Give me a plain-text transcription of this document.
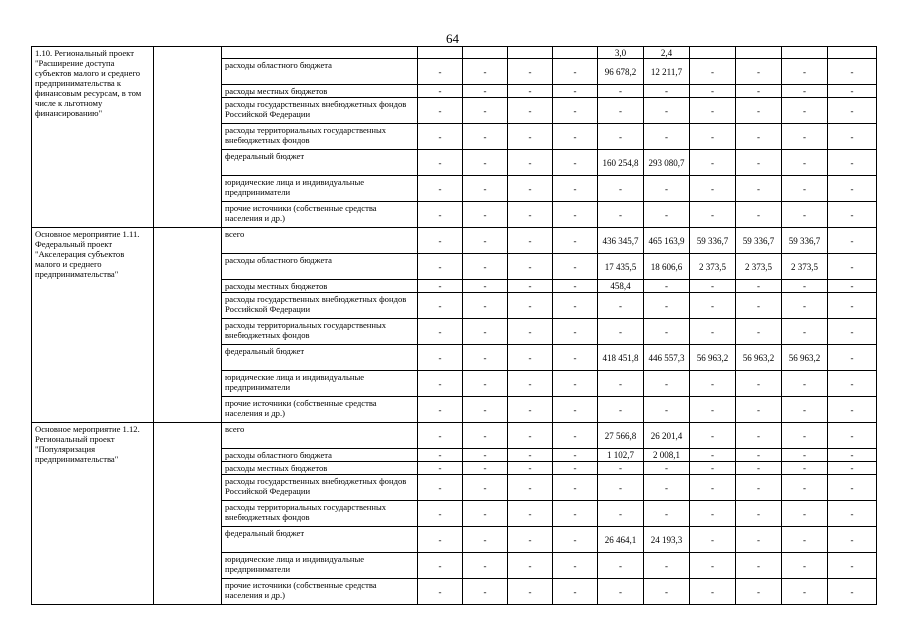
64
1.10. Региональный проект "Расширение доступа субъектов малого и среднего предпринимательства к финансовым ресурсам, в том числе к льготному финансированию"							3,0	2,4				
		расходы областного бюджета	-	-	-	-	96 678,2	12 211,7	-	-	-	-
		расходы местных бюджетов	-	-	-	-	-	-	-	-	-	-
		расходы государственных внебюджетных фондов Российской Федерации	-	-	-	-	-	-	-	-	-	-
		расходы территориальных государственных внебюджетных фондов	-	-	-	-	-	-	-	-	-	-
		федеральный бюджет	-	-	-	-	160 254,8	293 080,7	-	-	-	-
		юридические лица и индивидуальные предприниматели	-	-	-	-	-	-	-	-	-	-
		прочие источники (собственные средства населения и др.)	-	-	-	-	-	-	-	-	-	-
Основное мероприятие 1.11. Федеральный проект "Акселерация субъектов малого и среднего предпринимательства"		всего	-	-	-	-	436 345,7	465 163,9	59 336,7	59 336,7	59 336,7	-
		расходы областного бюджета	-	-	-	-	17 435,5	18 606,6	2 373,5	2 373,5	2 373,5	-
		расходы местных бюджетов	-	-	-	-	458,4	-	-	-	-	-
		расходы государственных внебюджетных фондов Российской Федерации	-	-	-	-	-	-	-	-	-	-
		расходы территориальных государственных внебюджетных фондов	-	-	-	-	-	-	-	-	-	-
		федеральный бюджет	-	-	-	-	418 451,8	446 557,3	56 963,2	56 963,2	56 963,2	-
		юридические лица и индивидуальные предприниматели	-	-	-	-	-	-	-	-	-	-
		прочие источники (собственные средства населения и др.)	-	-	-	-	-	-	-	-	-	-
Основное мероприятие 1.12. Региональный проект "Популяризация предпринимательства"		всего	-	-	-	-	27 566,8	26 201,4	-	-	-	-
		расходы областного бюджета	-	-	-	-	1 102,7	2 008,1	-	-	-	-
		расходы местных бюджетов	-	-	-	-	-	-	-	-	-	-
		расходы государственных внебюджетных фондов Российской Федерации	-	-	-	-	-	-	-	-	-	-
		расходы территориальных государственных внебюджетных фондов	-	-	-	-	-	-	-	-	-	-
		федеральный бюджет	-	-	-	-	26 464,1	24 193,3	-	-	-	-
		юридические лица и индивидуальные предприниматели	-	-	-	-	-	-	-	-	-	-
		прочие источники (собственные средства населения и др.)	-	-	-	-	-	-	-	-	-	-
